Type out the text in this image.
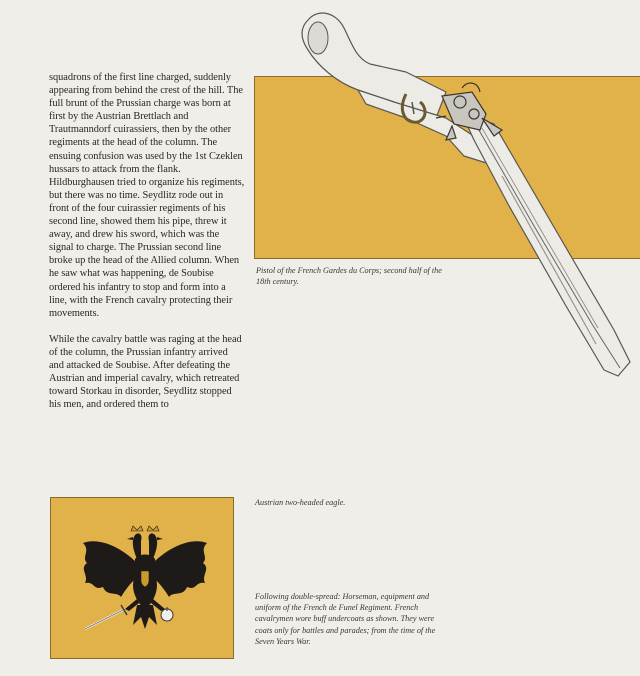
squadrons of the first line charged, suddenly appearing from behind the crest of the hill. The full brunt of the Prussian charge was born at first by the Austrian Brettlach and Trautmanndorf cuirassiers, then by the other regiments at the head of the column. The ensuing confusion was used by the 1st Czeklen hussars to attack from the flank. Hildburghausen tried to organize his regiments, but there was no time. Seydlitz rode out in front of the four cuirassier regiments of his second line, showed them his pipe, threw it away, and drew his sword, which was the signal to charge. The Prussian second line broke up the head of the Allied column. When he saw what was happening, de Soubise ordered his infantry to stop and form into a line, with the French cavalry protecting their movements.

While the cavalry battle was raging at the head of the column, the Prussian infantry arrived and attacked de Soubise. After defeating the Austrian and imperial cavalry, which retreated toward Storkau in disorder, Seydlitz stopped his men, and ordered them to

Pistol of the French Gardes du Corps; second half of the 18th century.
Austrian two-headed eagle.
Following double-spread: Horseman, equipment and uniform of the French de Funel Regiment. French cavalrymen wore buff undercoats as shown. They were coats only for battles and parades; from the time of the Seven Years War.
